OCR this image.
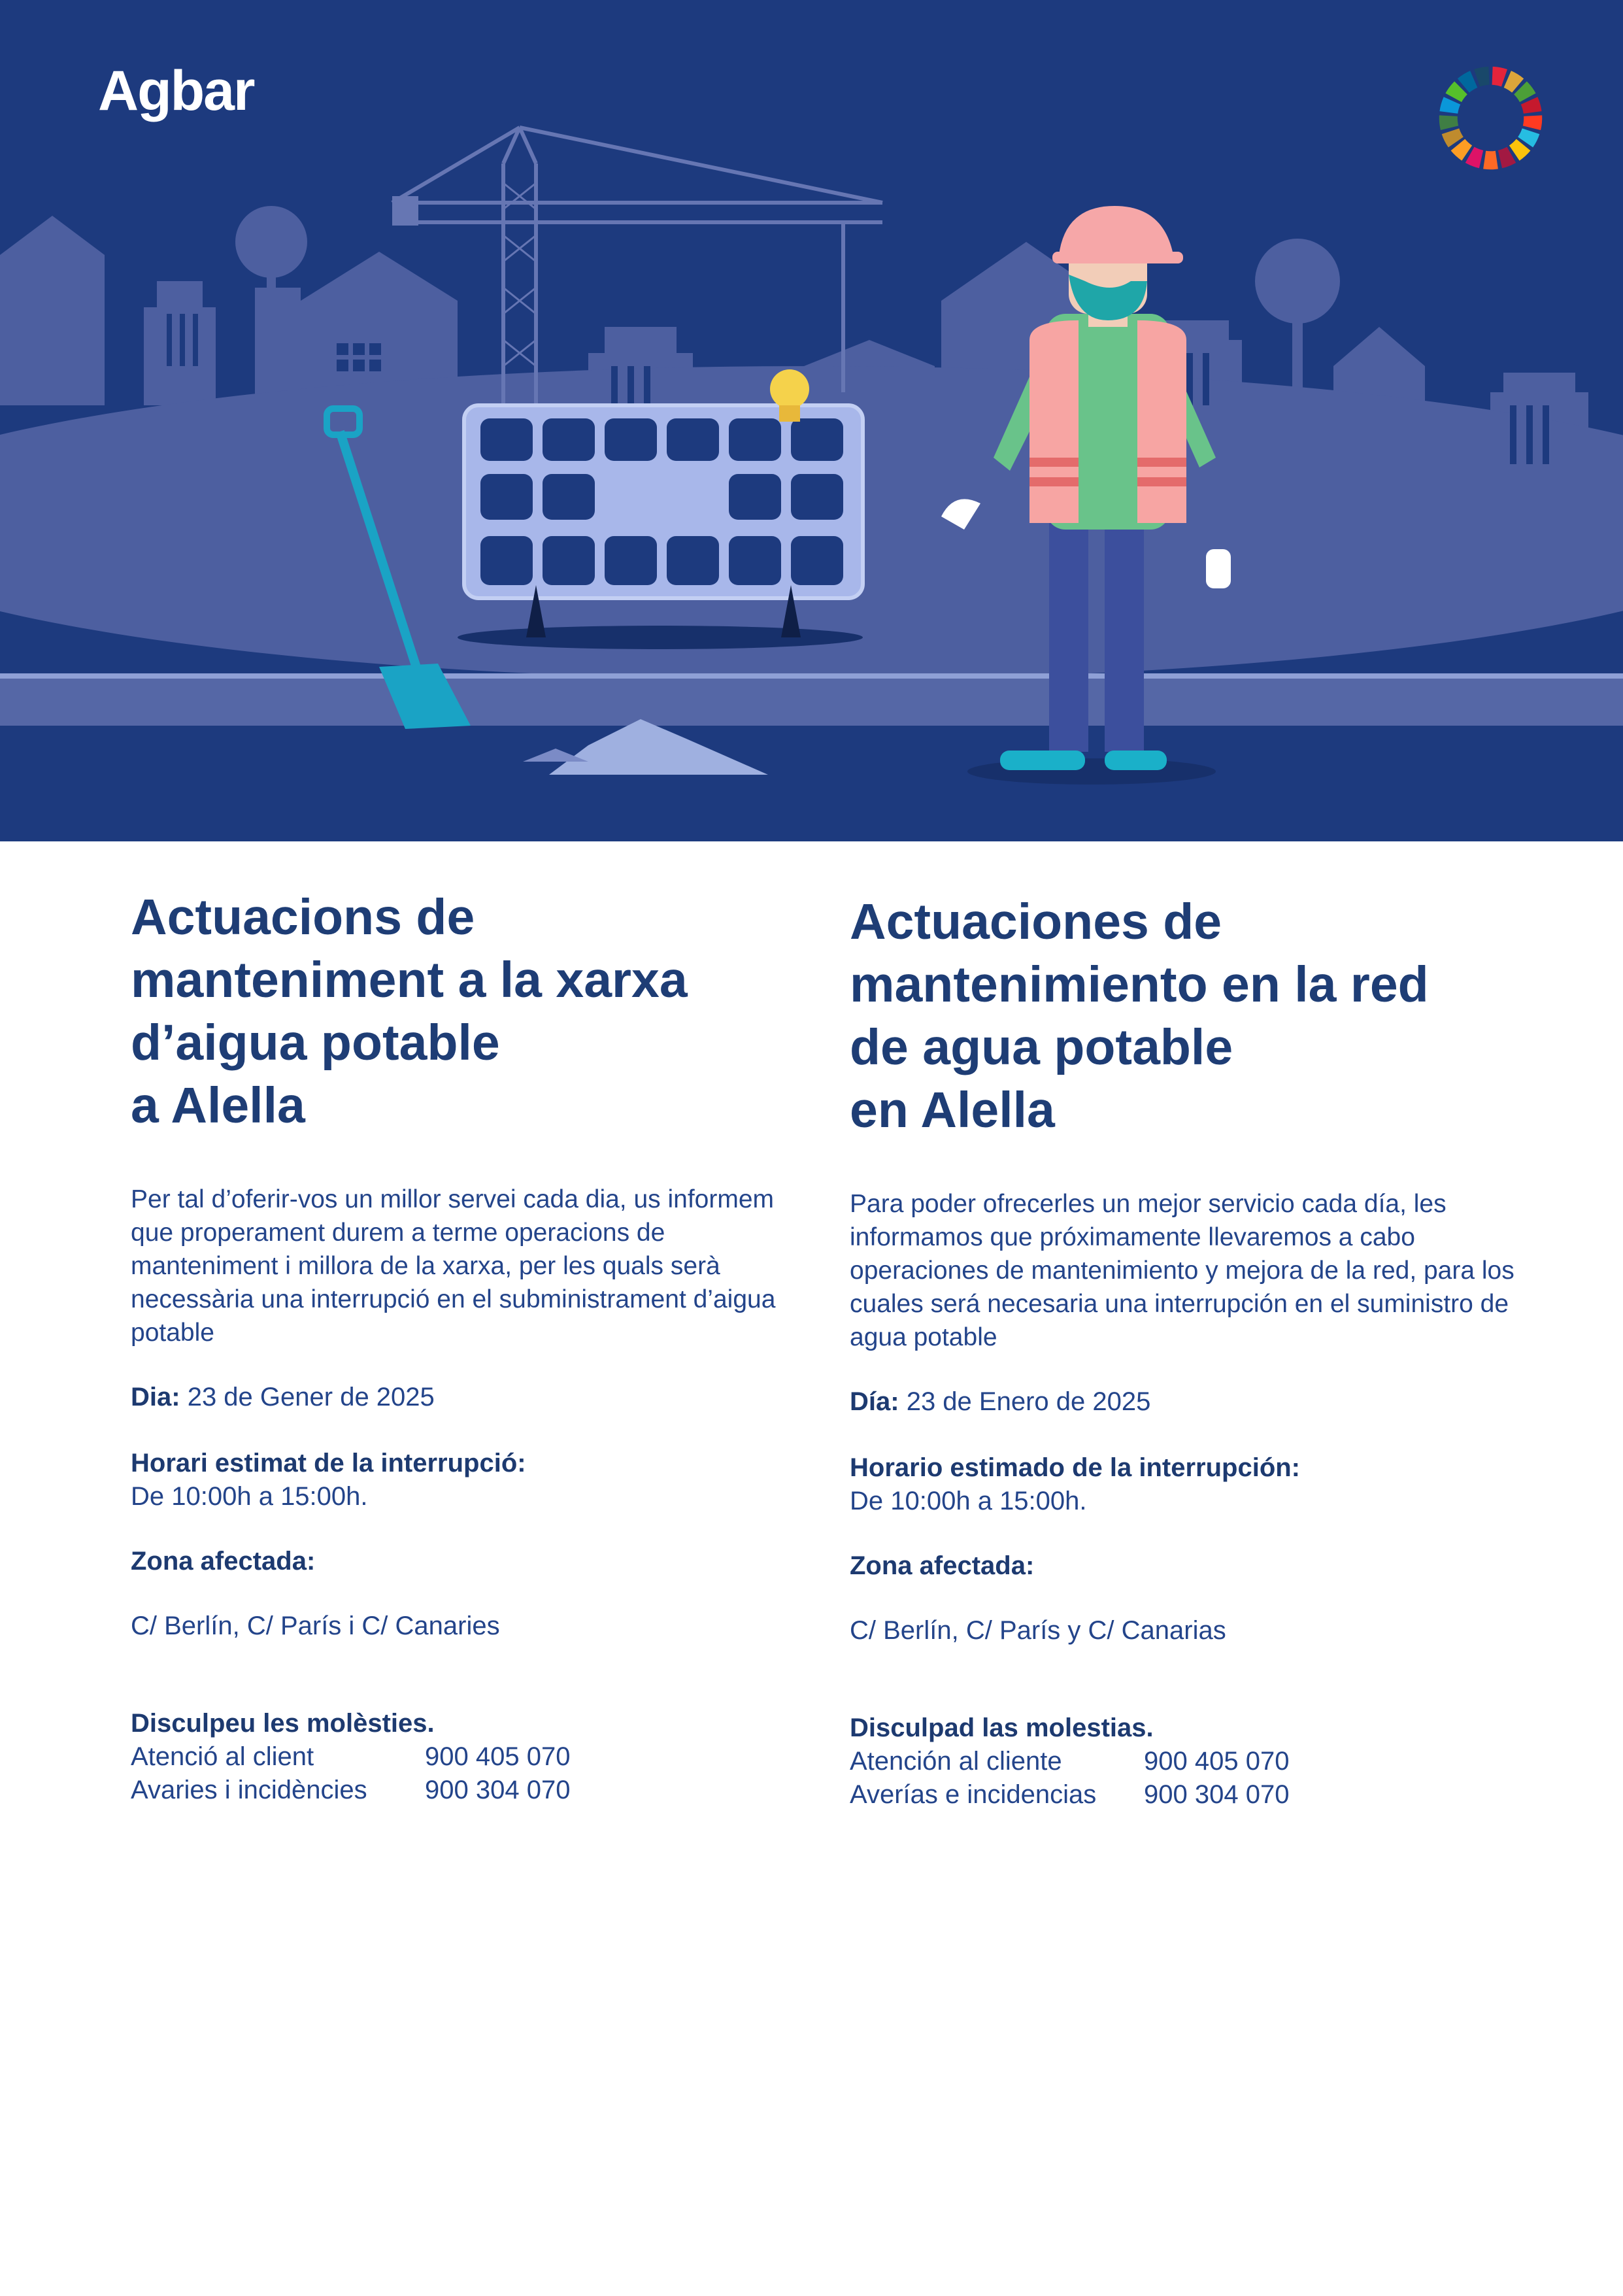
Agbar
Actuacions de
manteniment a la xarxa
d’aigua potable
a Alella
Per tal d’oferir-vos un millor servei cada dia, us informem que properament durem a terme operacions de manteniment i millora de la xarxa, per les quals serà necessària una interrupció en el subministrament d’aigua potable
Dia: 23 de Gener de 2025
Horari estimat de la interrupció:
De 10:00h a 15:00h.
Zona afectada:
C/ Berlín, C/ París i C/ Canaries
Disculpeu les molèsties.
Atenció al client	900 405 070
Avaries i incidències	900 304 070
Actuaciones de
mantenimiento en la red
de agua potable
en Alella
Para poder ofrecerles un mejor servicio cada día, les informamos que próximamente llevaremos a cabo operaciones de mantenimiento y mejora de la red, para los cuales será necesaria una interrupción en el suministro de agua potable
Día: 23 de Enero de 2025
Horario estimado de la interrupción:
De 10:00h a 15:00h.
Zona afectada:
C/ Berlín, C/ París y C/ Canarias
Disculpad las molestias.
Atención al cliente	900 405 070
Averías e incidencias	900 304 070
